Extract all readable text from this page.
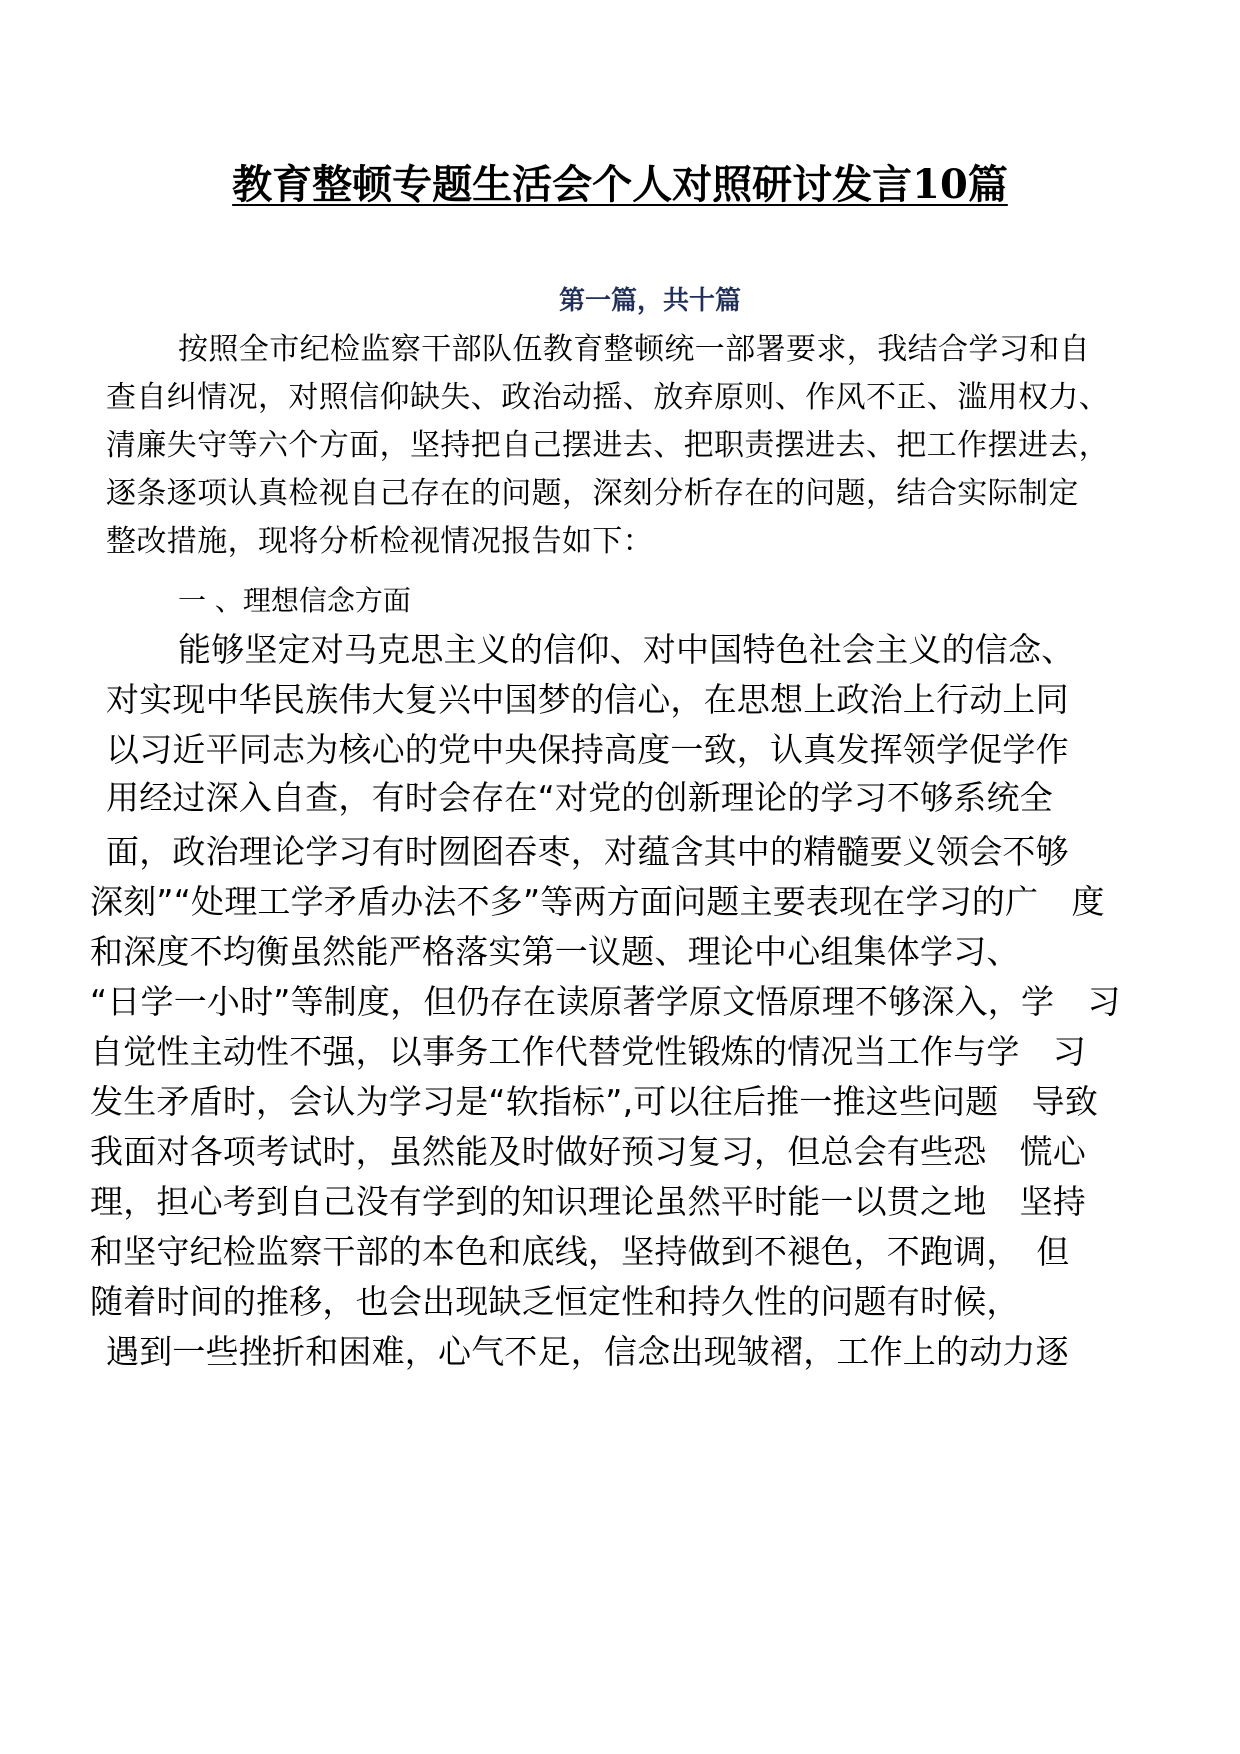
教育整顿专题生活会个人对照研讨发言10篇
第一篇，共十篇
按照全市纪检监察干部队伍教育整顿统一部署要求，我结合学习和自
查自纠情况，对照信仰缺失、政治动摇、放弃原则、作风不正、滥用权力、
清廉失守等六个方面，坚持把自己摆进去、把职责摆进去、把工作摆进去，
逐条逐项认真检视自己存在的问题，深刻分析存在的问题，结合实际制定
整改措施，现将分析检视情况报告如下：
一 、理想信念方面
能够坚定对马克思主义的信仰、对中国特色社会主义的信念、
对实现中华民族伟大复兴中国梦的信心，在思想上政治上行动上同
以习近平同志为核心的党中央保持高度一致，认真发挥领学促学作
用经过深入自查，有时会存在“对党的创新理论的学习不够系统全
面，政治理论学习有时囫囵吞枣，对蕴含其中的精髓要义领会不够
深刻”“处理工学矛盾办法不多”等两方面问题主要表现在学习的广　度
和深度不均衡虽然能严格落实第一议题、理论中心组集体学习、
“日学一小时”等制度，但仍存在读原著学原文悟原理不够深入，学　习
自觉性主动性不强，以事务工作代替党性锻炼的情况当工作与学　习
发生矛盾时，会认为学习是“软指标”,可以往后推一推这些问题　导致
我面对各项考试时，虽然能及时做好预习复习，但总会有些恐　慌心
理，担心考到自己没有学到的知识理论虽然平时能一以贯之地　坚持
和坚守纪检监察干部的本色和底线，坚持做到不褪色，不跑调，　但
随着时间的推移，也会出现缺乏恒定性和持久性的问题有时候，
遇到一些挫折和困难，心气不足，信念出现皱褶，工作上的动力逐
